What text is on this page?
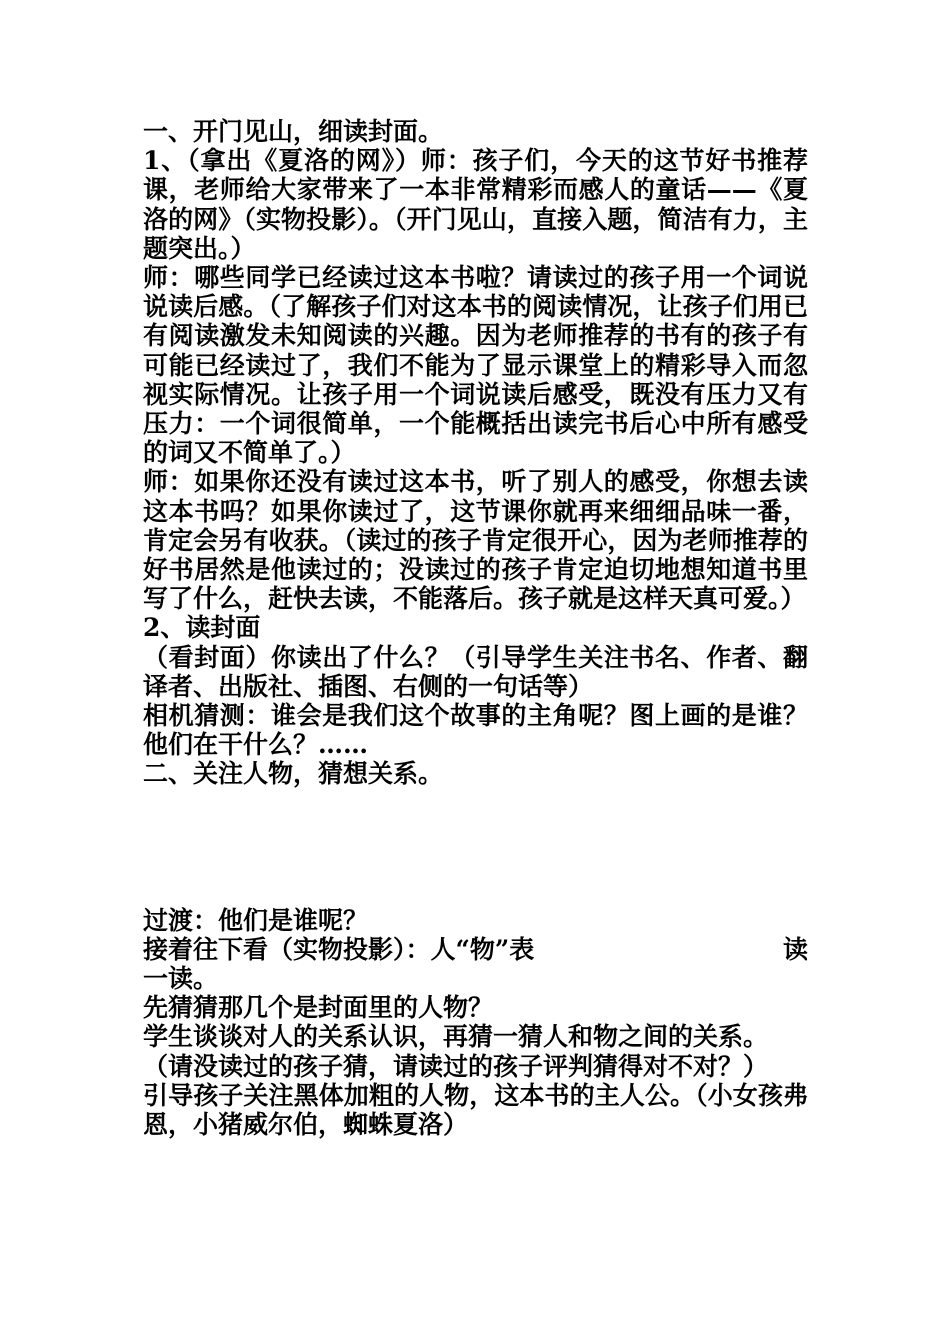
一、开门见山，细读封面。

1、（拿出《夏洛的网》）师：孩子们，今天的这节好书推荐课，老师给大家带来了一本非常精彩而感人的童话——《夏洛的网》（实物投影）。（开门见山，直接入题，简洁有力，主题突出。）

师：哪些同学已经读过这本书啦？请读过的孩子用一个词说说读后感。（了解孩子们对这本书的阅读情况，让孩子们用已有阅读激发未知阅读的兴趣。因为老师推荐的书有的孩子有可能已经读过了，我们不能为了显示课堂上的精彩导入而忽视实际情况。让孩子用一个词说读后感受，既没有压力又有压力：一个词很简单，一个能概括出读完书后心中所有感受的词又不简单了。）

师：如果你还没有读过这本书，听了别人的感受，你想去读这本书吗？如果你读过了，这节课你就再来细细品味一番，肯定会另有收获。（读过的孩子肯定很开心，因为老师推荐的好书居然是他读过的；没读过的孩子肯定迫切地想知道书里写了什么，赶快去读，不能落后。孩子就是这样天真可爱。）

2、读封面

（看封面）你读出了什么？（引导学生关注书名、作者、翻译者、出版社、插图、右侧的一句话等）

相机猜测：谁会是我们这个故事的主角呢？图上画的是谁？他们在干什么？……

二、关注人物，猜想关系。

过渡：他们是谁呢？

接着往下看（实物投影）：人“物”表	读

一读。

先猜猜那几个是封面里的人物？

学生谈谈对人的关系认识，再猜一猜人和物之间的关系。

（请没读过的孩子猜，请读过的孩子评判猜得对不对？）

引导孩子关注黑体加粗的人物，这本书的主人公。（小女孩弗恩，小猪威尔伯，蜘蛛夏洛）
